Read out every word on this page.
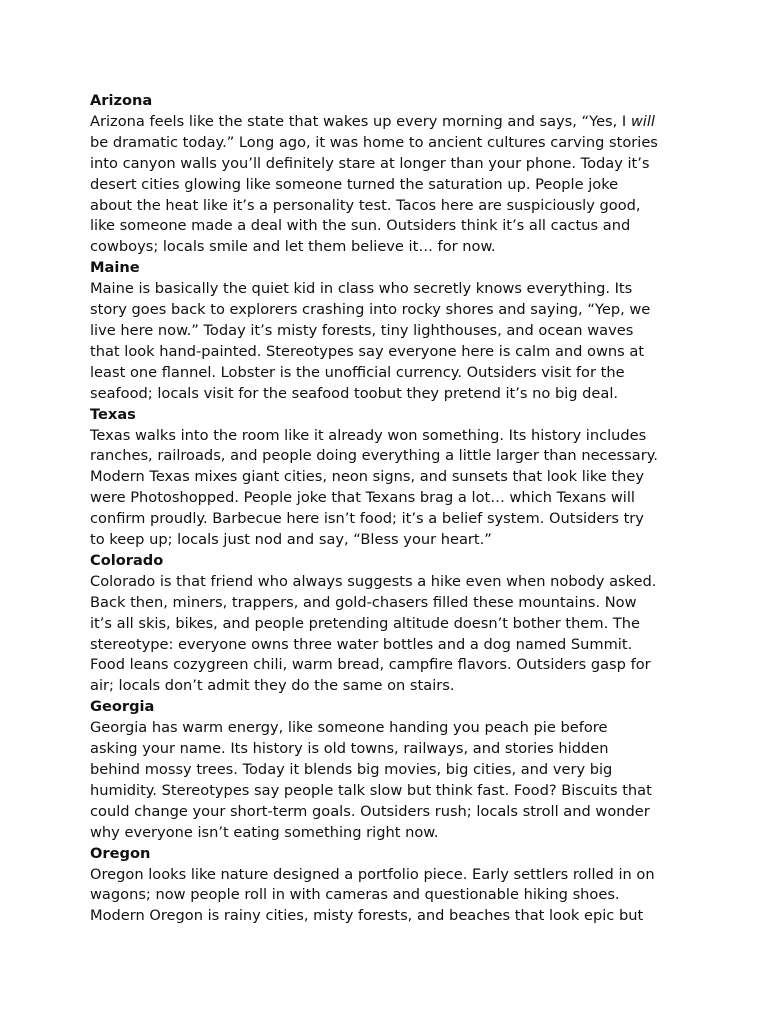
Arizona
Arizona feels like the state that wakes up every morning and says, “Yes, I will
be dramatic today.” Long ago, it was home to ancient cultures carving stories
into canyon walls you’ll definitely stare at longer than your phone. Today it’s
desert cities glowing like someone turned the saturation up. People joke
about the heat like it’s a personality test. Tacos here are suspiciously good,
like someone made a deal with the sun. Outsiders think it’s all cactus and
cowboys; locals smile and let them believe it… for now.
Maine
Maine is basically the quiet kid in class who secretly knows everything. Its
story goes back to explorers crashing into rocky shores and saying, “Yep, we
live here now.” Today it’s misty forests, tiny lighthouses, and ocean waves
that look hand-painted. Stereotypes say everyone here is calm and owns at
least one flannel. Lobster is the unofficial currency. Outsiders visit for the
seafood; locals visit for the seafood toobut they pretend it’s no big deal.
Texas
Texas walks into the room like it already won something. Its history includes
ranches, railroads, and people doing everything a little larger than necessary.
Modern Texas mixes giant cities, neon signs, and sunsets that look like they
were Photoshopped. People joke that Texans brag a lot… which Texans will
confirm proudly. Barbecue here isn’t food; it’s a belief system. Outsiders try
to keep up; locals just nod and say, “Bless your heart.”
Colorado
Colorado is that friend who always suggests a hike even when nobody asked.
Back then, miners, trappers, and gold-chasers filled these mountains. Now
it’s all skis, bikes, and people pretending altitude doesn’t bother them. The
stereotype: everyone owns three water bottles and a dog named Summit.
Food leans cozygreen chili, warm bread, campfire flavors. Outsiders gasp for
air; locals don’t admit they do the same on stairs.
Georgia
Georgia has warm energy, like someone handing you peach pie before
asking your name. Its history is old towns, railways, and stories hidden
behind mossy trees. Today it blends big movies, big cities, and very big
humidity. Stereotypes say people talk slow but think fast. Food? Biscuits that
could change your short-term goals. Outsiders rush; locals stroll and wonder
why everyone isn’t eating something right now.
Oregon
Oregon looks like nature designed a portfolio piece. Early settlers rolled in on
wagons; now people roll in with cameras and questionable hiking shoes.
Modern Oregon is rainy cities, misty forests, and beaches that look epic but
